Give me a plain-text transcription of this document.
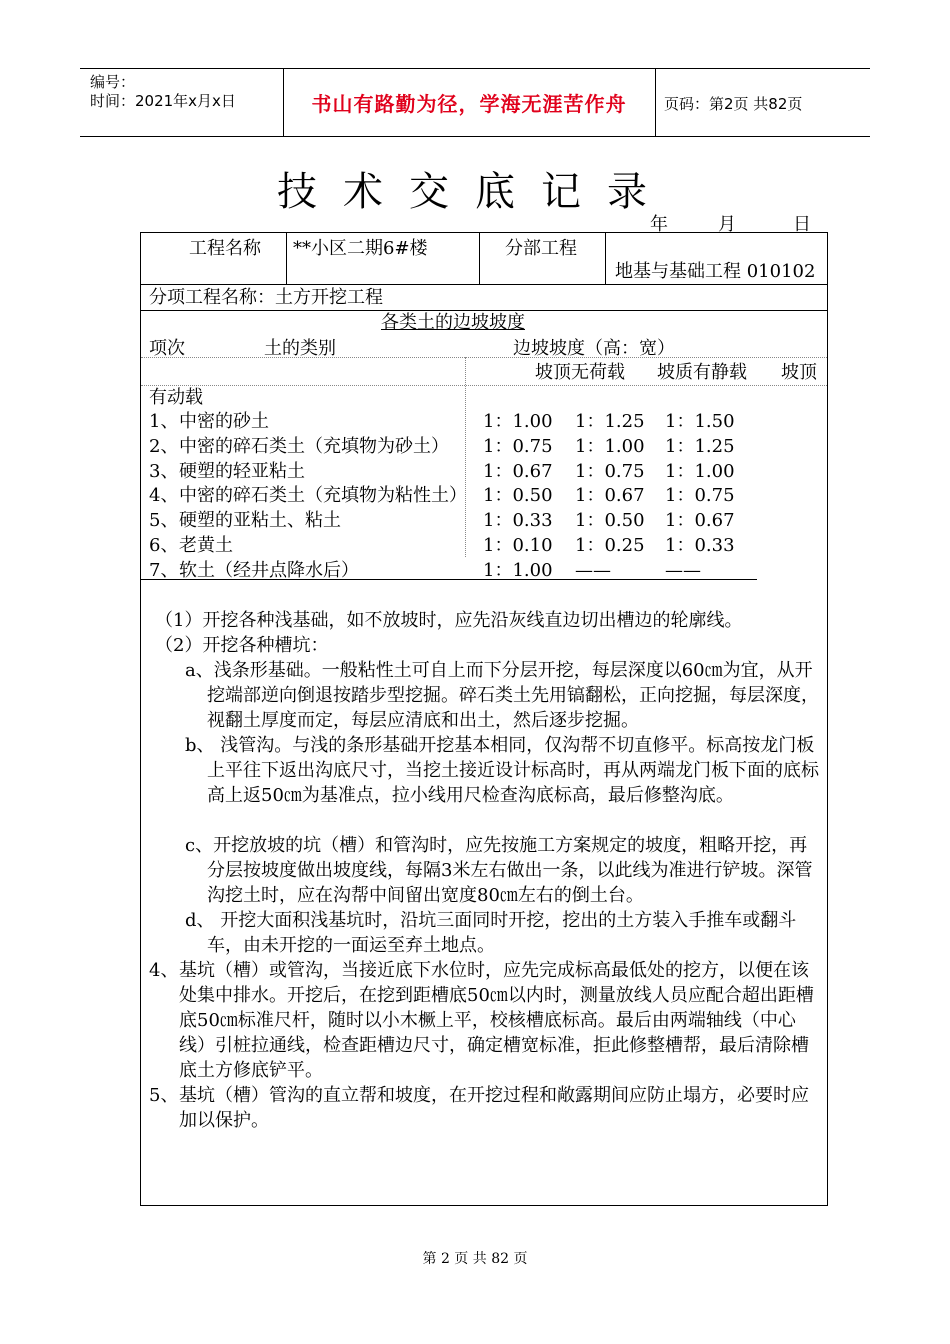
编号：
时间：2021年x月x日	书山有路勤为径，学海无涯苦作舟	页码：第2页 共82页
技术交底记录
年	月	日
工程名称 **小区二期6#楼	分部工程
地基与基础工程 010102
分项工程名称：土方开挖工程
各类土的边坡坡度
项次	土的类别	边坡坡度（高：宽）
坡顶无荷载 坡质有静载 坡顶
有动载
1、 中密的砂土	1：1.00 1：1.25 1：1.50
2、 中密的碎石类土（充填物为砂土） 1：0.75 1：1.00 1：1.25
3、 硬塑的轻亚粘土	1：0.67 1：0.75 1：1.00
4、 中密的碎石类土（充填物为粘性土） 1：0.50 1：0.67 1：0.75
5、 硬塑的亚粘土、粘土	1：0.33 1：0.50 1：0.67
6、 老黄土	1：0.10 1：0.25 1：0.33
7、 软土（经井点降水后）	1：1.00 ——	——
（1）开挖各种浅基础，如不放坡时，应先沿灰线直边切出槽边的轮廓线。
（2）开挖各种槽坑：
a、浅条形基础。一般粘性土可自上而下分层开挖，每层深度以60㎝为宜，从开挖端部逆向倒退按踏步型挖掘。碎石类土先用镐翻松，正向挖掘，每层深度，视翻土厚度而定，每层应清底和出土，然后逐步挖掘。
b、 浅管沟。与浅的条形基础开挖基本相同，仅沟帮不切直修平。标高按龙门板上平往下返出沟底尺寸，当挖土接近设计标高时，再从两端龙门板下面的底标高上返50㎝为基准点，拉小线用尺检查沟底标高，最后修整沟底。
c、开挖放坡的坑（槽）和管沟时，应先按施工方案规定的坡度，粗略开挖，再分层按坡度做出坡度线，每隔3米左右做出一条，以此线为准进行铲坡。深管沟挖土时，应在沟帮中间留出宽度80㎝左右的倒土台。
d、 开挖大面积浅基坑时，沿坑三面同时开挖，挖出的土方装入手推车或翻斗车，由未开挖的一面运至弃土地点。
4、 基坑（槽）或管沟，当接近底下水位时，应先完成标高最低处的挖方，以便在该处集中排水。开挖后，在挖到距槽底50㎝以内时，测量放线人员应配合超出距槽底50㎝标准尺杆，随时以小木橛上平，校核槽底标高。最后由两端轴线（中心线）引桩拉通线，检查距槽边尺寸，确定槽宽标准，拒此修整槽帮，最后清除槽底土方修底铲平。
5、 基坑（槽）管沟的直立帮和坡度，在开挖过程和敞露期间应防止塌方，必要时应加以保护。
第 2 页 共 82 页
